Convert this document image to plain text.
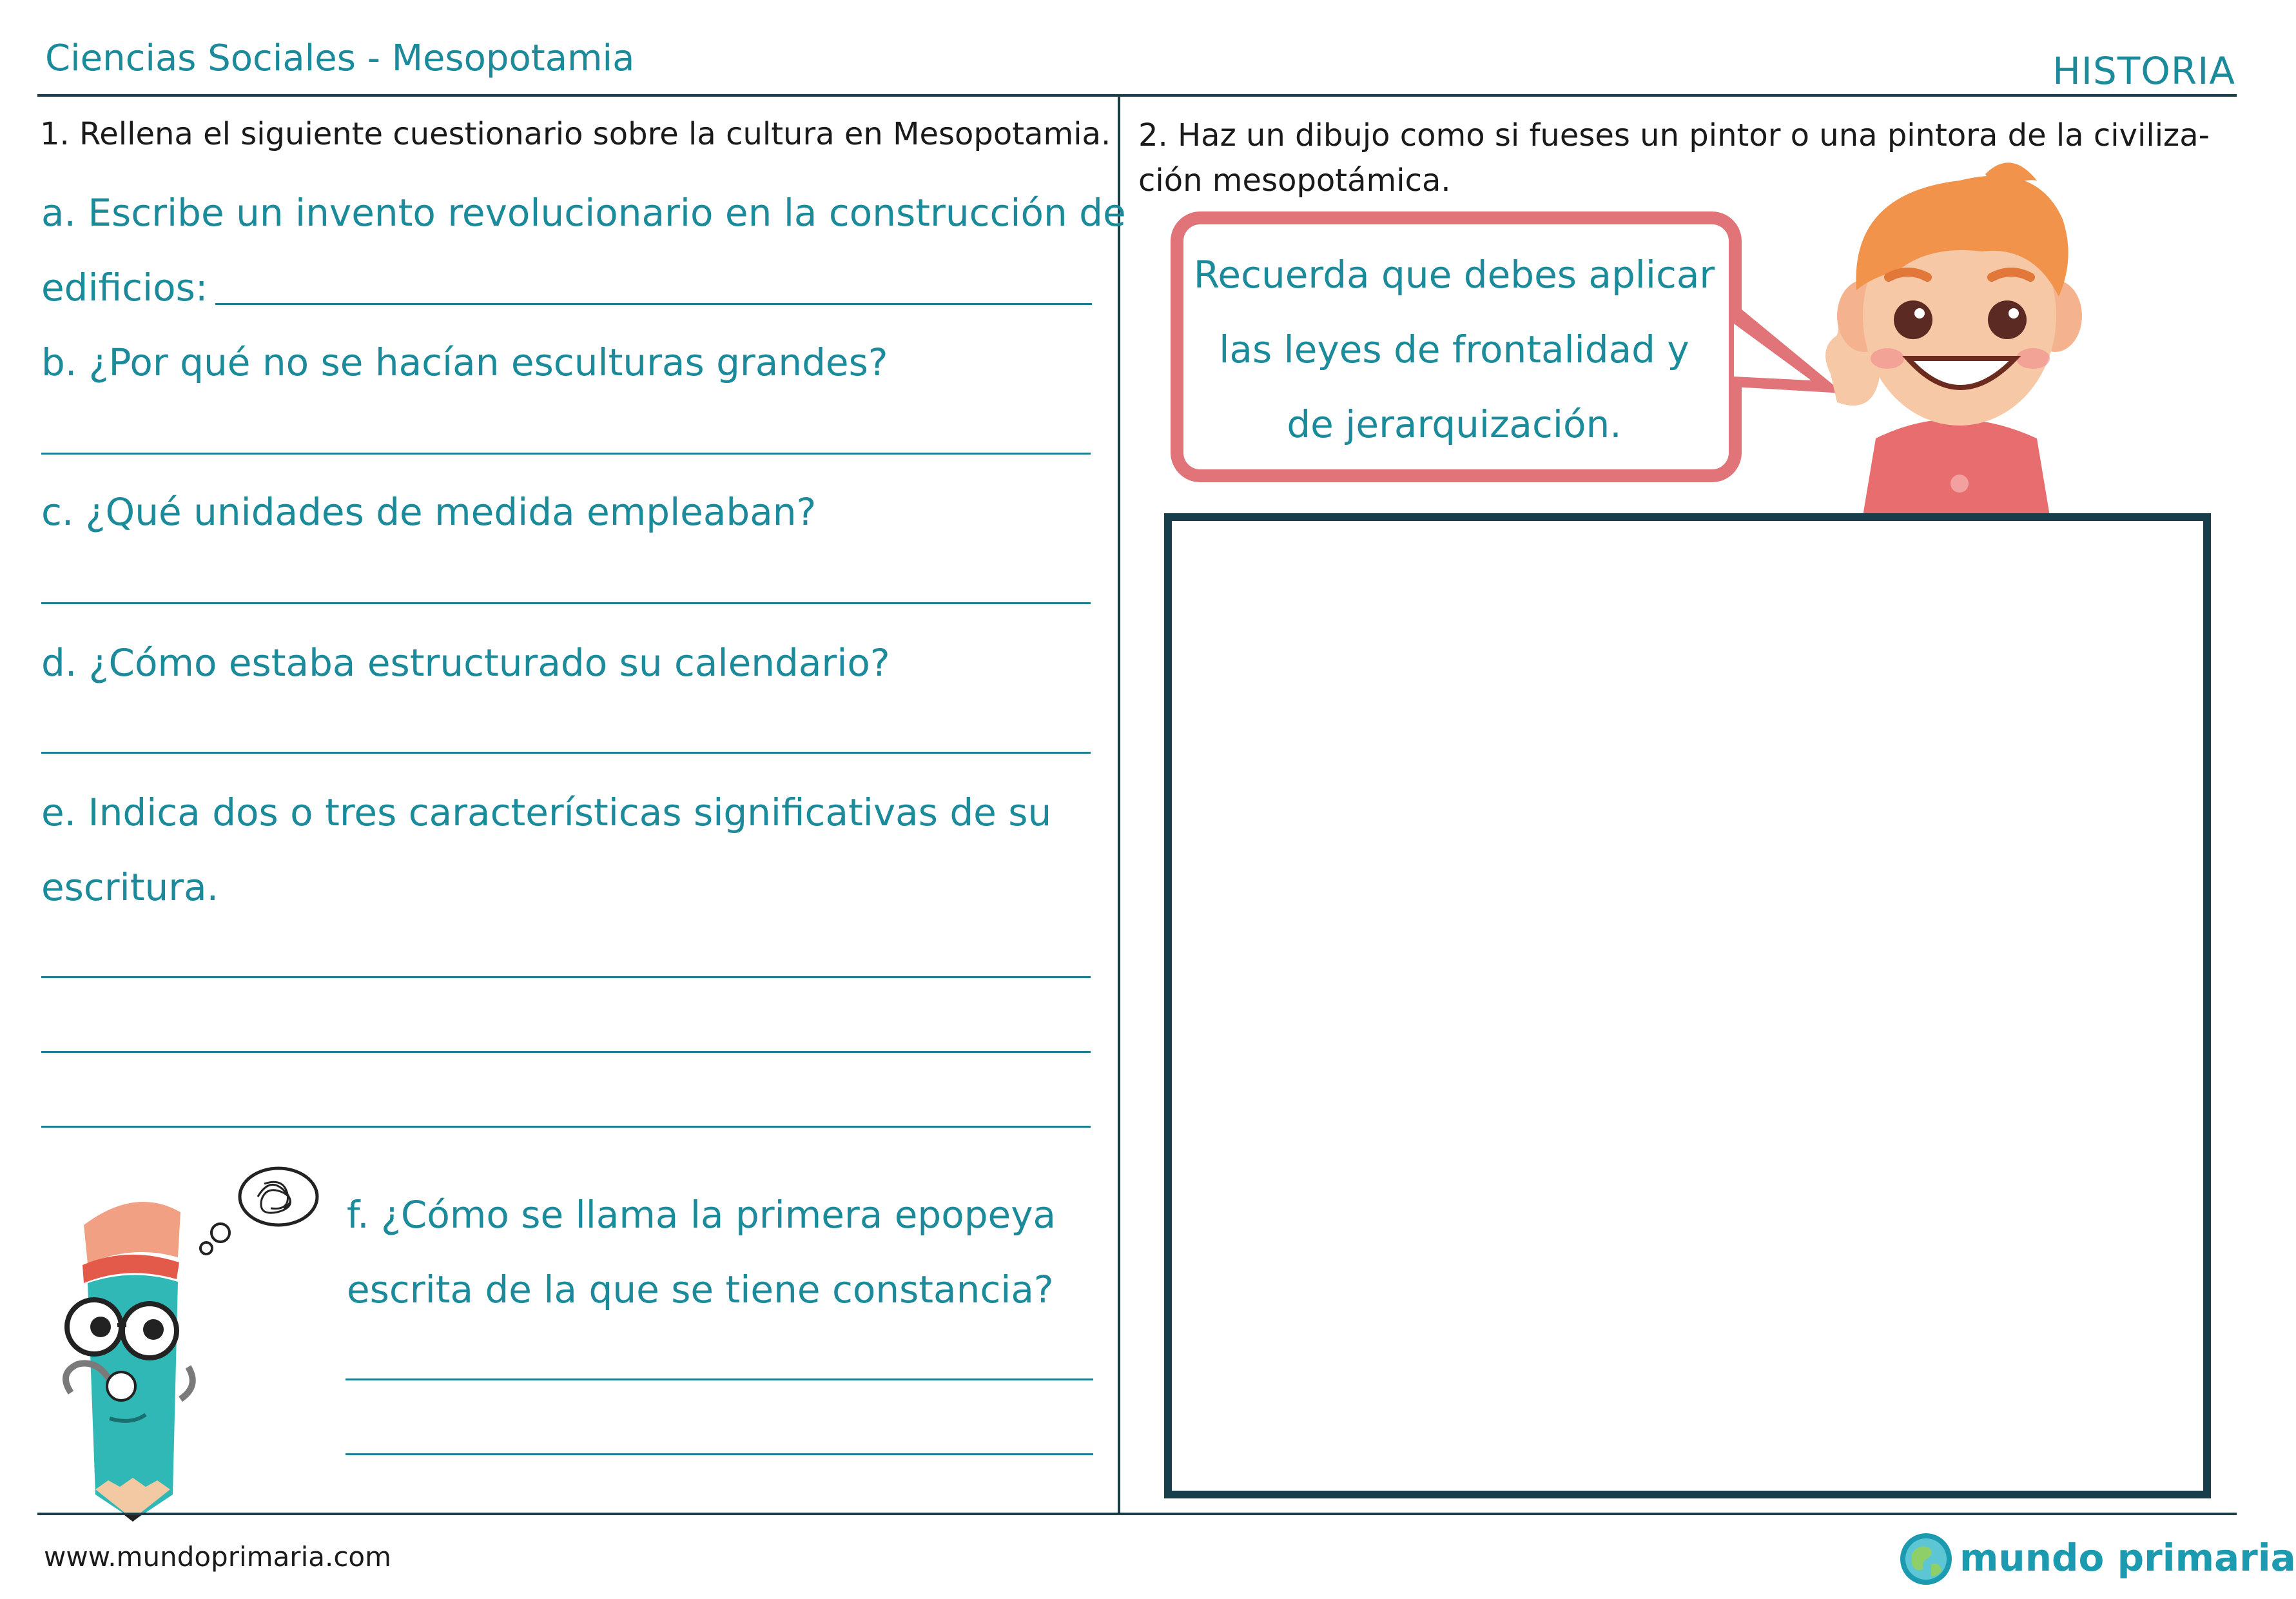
Ciencias Sociales - Mesopotamia	HISTORIA
1. Rellena el siguiente cuestionario sobre la cultura en Mesopotamia.
a. Escribe un invento revolucionario en la construcción de
edificios:
b. ¿Por qué no se hacían esculturas grandes?
c. ¿Qué unidades de medida empleaban?
d. ¿Cómo estaba estructurado su calendario?
e. Indica dos o tres características significativas de su
escritura.
f. ¿Cómo se llama la primera epopeya
escrita de la que se tiene constancia?
2. Haz un dibujo como si fueses un pintor o una pintora de la civiliza-
ción mesopotámica.
Recuerda que debes aplicar
las leyes de frontalidad y
de jerarquización.
www.mundoprimaria.com	mundo primaria
